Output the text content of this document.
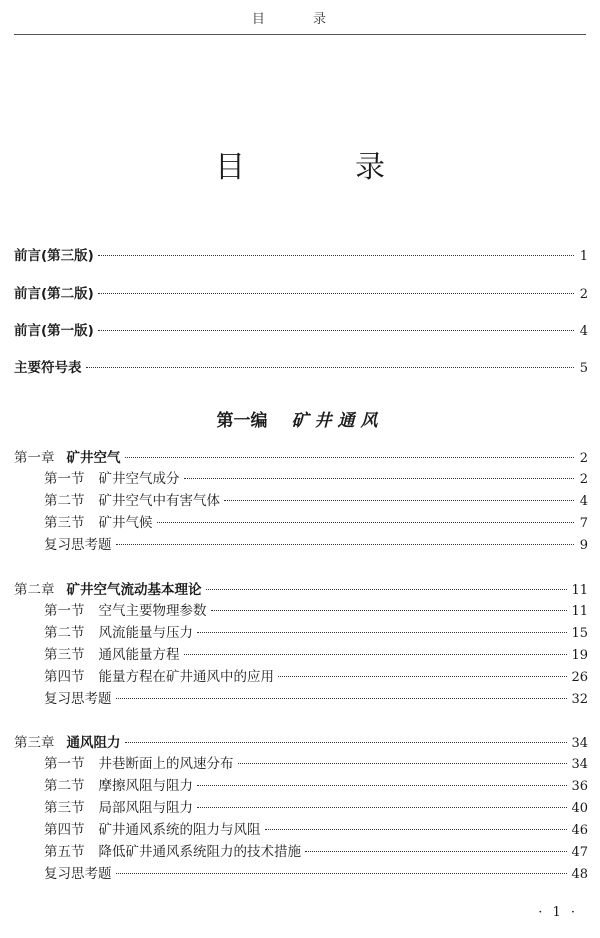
目 录
目　录
前言(第三版)	1
前言(第二版)	2
前言(第一版)	4
主要符号表	5
第一编 矿井通风
第一章 矿井空气	2
第一节 矿井空气成分	2
第二节 矿井空气中有害气体	4
第三节 矿井气候	7
复习思考题	9
第二章 矿井空气流动基本理论	11
第一节 空气主要物理参数	11
第二节 风流能量与压力	15
第三节 通风能量方程	19
第四节 能量方程在矿井通风中的应用	26
复习思考题	32
第三章 通风阻力	34
第一节 井巷断面上的风速分布	34
第二节 摩擦风阻与阻力	36
第三节 局部风阻与阻力	40
第四节 矿井通风系统的阻力与风阻	46
第五节 降低矿井通风系统阻力的技术措施	47
复习思考题	48
· 1 ·
